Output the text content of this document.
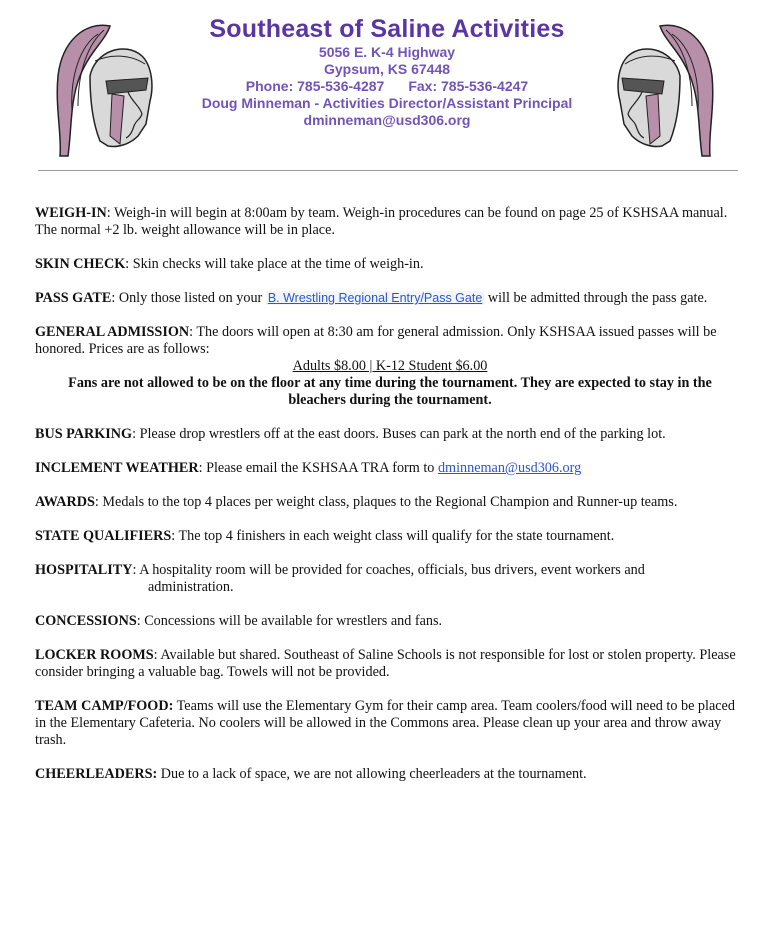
Southeast of Saline Activities
5056 E. K-4 Highway
Gypsum, KS 67448
Phone: 785-536-4287 Fax: 785-536-4247
Doug Minneman - Activities Director/Assistant Principal
dminneman@usd306.org

WEIGH-IN: Weigh-in will begin at 8:00am by team. Weigh-in procedures can be found on page 25 of KSHSAA manual. The normal +2 lb. weight allowance will be in place.

SKIN CHECK: Skin checks will take place at the time of weigh-in.

PASS GATE: Only those listed on your B. Wrestling Regional Entry/Pass Gate will be admitted through the pass gate.

GENERAL ADMISSION: The doors will open at 8:30 am for general admission. Only KSHSAA issued passes will be honored. Prices are as follows:
Adults $8.00 | K-12 Student $6.00
Fans are not allowed to be on the floor at any time during the tournament. They are expected to stay in the bleachers during the tournament.

BUS PARKING: Please drop wrestlers off at the east doors. Buses can park at the north end of the parking lot.

INCLEMENT WEATHER: Please email the KSHSAA TRA form to dminneman@usd306.org

AWARDS: Medals to the top 4 places per weight class, plaques to the Regional Champion and Runner-up teams.

STATE QUALIFIERS: The top 4 finishers in each weight class will qualify for the state tournament.

HOSPITALITY: A hospitality room will be provided for coaches, officials, bus drivers, event workers and
administration.

CONCESSIONS: Concessions will be available for wrestlers and fans.

LOCKER ROOMS: Available but shared. Southeast of Saline Schools is not responsible for lost or stolen property. Please consider bringing a valuable bag. Towels will not be provided.

TEAM CAMP/FOOD: Teams will use the Elementary Gym for their camp area. Team coolers/food will need to be placed in the Elementary Cafeteria. No coolers will be allowed in the Commons area. Please clean up your area and throw away trash.

CHEERLEADERS: Due to a lack of space, we are not allowing cheerleaders at the tournament.
